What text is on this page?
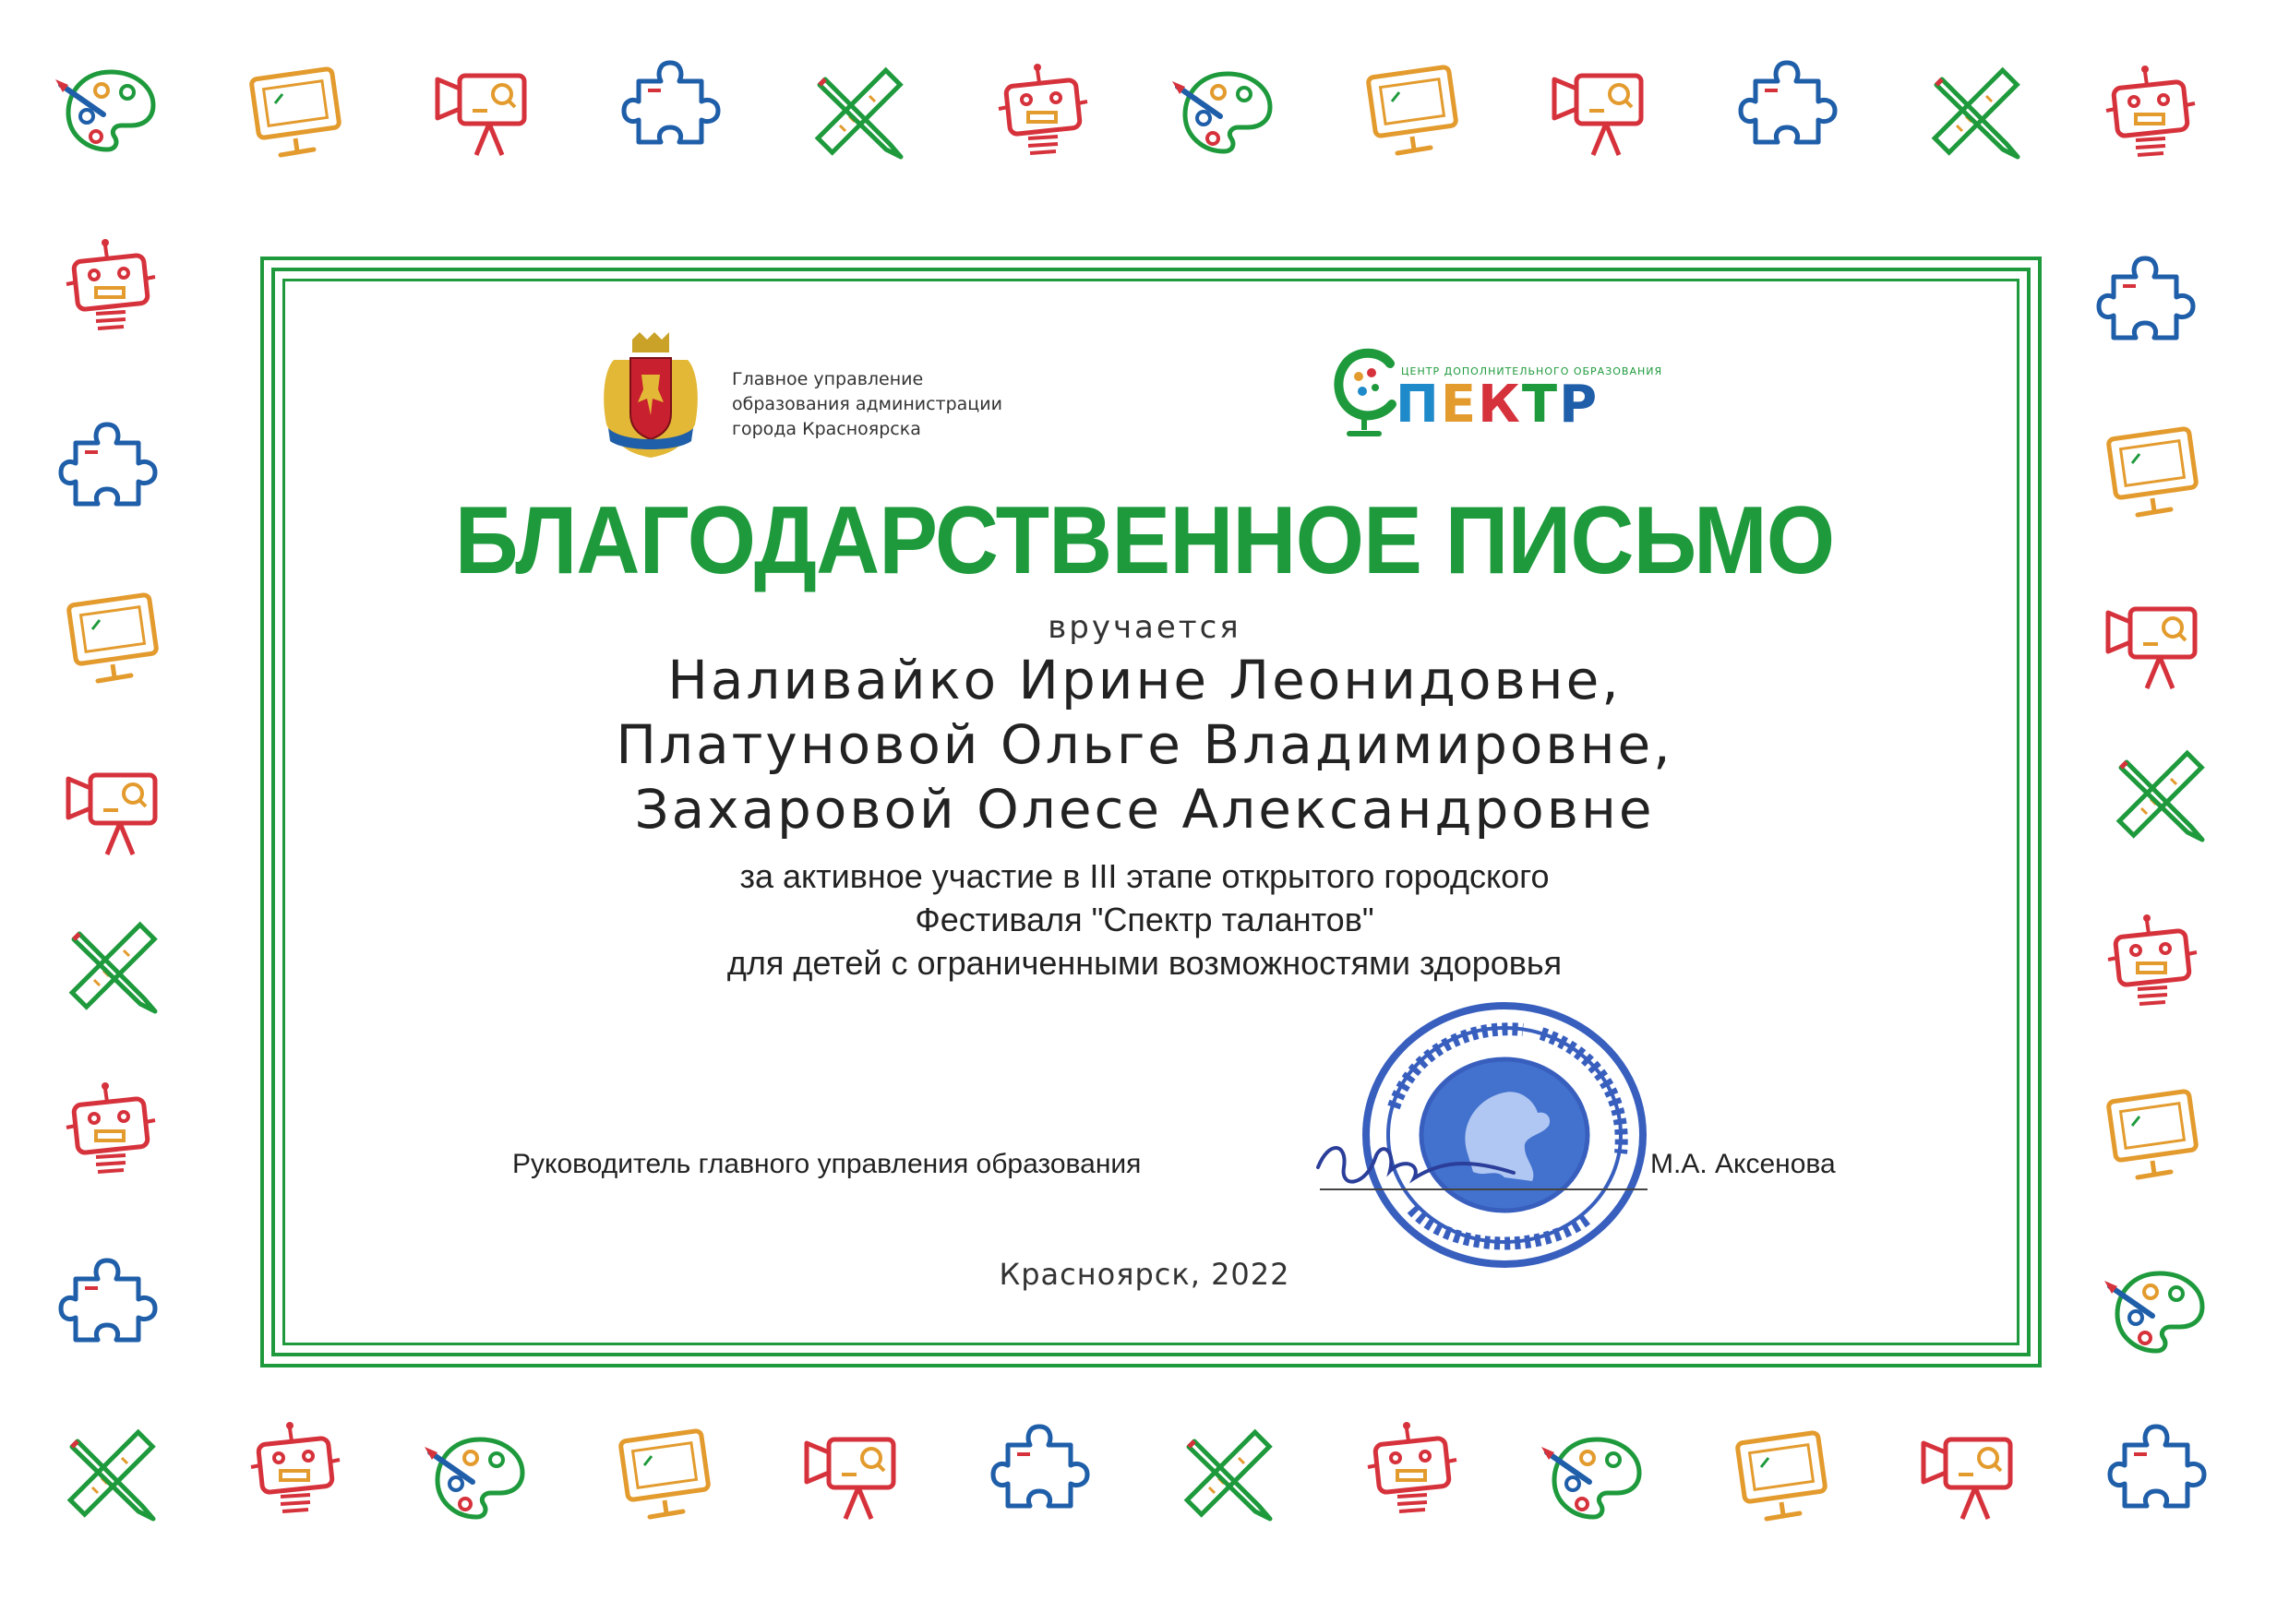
Главное управление
образования администрации
города Красноярска
ЦЕНТР ДОПОЛНИТЕЛЬНОГО ОБРАЗОВАНИЯ
ПЕКТР
БЛАГОДАРСТВЕННОЕ ПИСЬМО
вручается
Наливайко Ирине Леонидовне,
Платуновой Ольге Владимировне,
Захаровой Олесе Александровне
за активное участие в III этапе открытого городского
Фестиваля "Спектр талантов"
для детей с ограниченными возможностями здоровья
Руководитель главного управления образования	М.А. Аксенова
Красноярск, 2022
